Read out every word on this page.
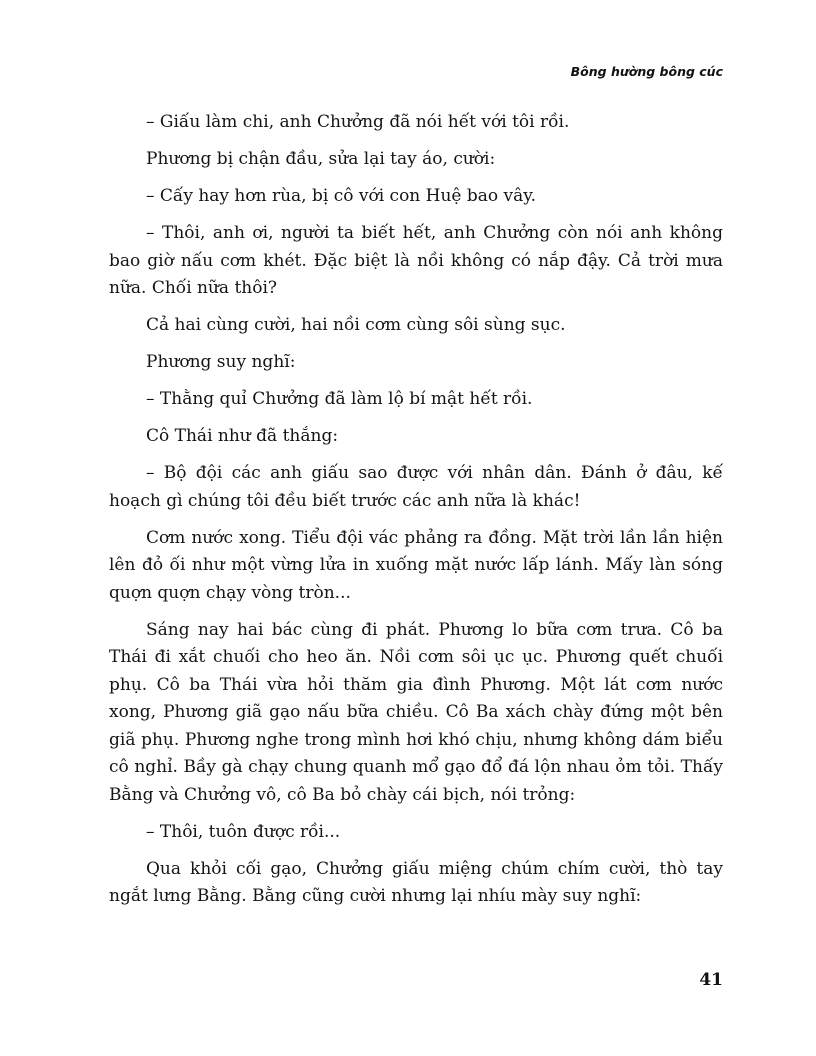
Bông hường bông cúc

– Giấu làm chi, anh Chưởng đã nói hết với tôi rồi.

Phương bị chận đầu, sửa lại tay áo, cười:

– Cấy hay hơn rùa, bị cô với con Huệ bao vây.

– Thôi, anh ơi, người ta biết hết, anh Chưởng còn nói anh không bao giờ nấu cơm khét. Đặc biệt là nồi không có nắp đậy. Cả trời mưa nữa. Chối nữa thôi?

Cả hai cùng cười, hai nồi cơm cùng sôi sùng sục.

Phương suy nghĩ:

– Thằng quỉ Chưởng đã làm lộ bí mật hết rồi.

Cô Thái như đã thắng:

– Bộ đội các anh giấu sao được với nhân dân. Đánh ở đâu, kế hoạch gì chúng tôi đều biết trước các anh nữa là khác!

Cơm nước xong. Tiểu đội vác phảng ra đồng. Mặt trời lần lần hiện lên đỏ ối như một vừng lửa in xuống mặt nước lấp lánh. Mấy làn sóng quợn quợn chạy vòng tròn...

Sáng nay hai bác cùng đi phát. Phương lo bữa cơm trưa. Cô ba Thái đi xắt chuối cho heo ăn. Nồi cơm sôi ục ục. Phương quết chuối phụ. Cô ba Thái vừa hỏi thăm gia đình Phương. Một lát cơm nước xong, Phương giã gạo nấu bữa chiều. Cô Ba xách chày đứng một bên giã phụ. Phương nghe trong mình hơi khó chịu, nhưng không dám biểu cô nghỉ. Bầy gà chạy chung quanh mổ gạo đổ đá lộn nhau ỏm tỏi. Thấy Bằng và Chưởng vô, cô Ba bỏ chày cái bịch, nói trỏng:

– Thôi, tuôn được rồi...

Qua khỏi cối gạo, Chưởng giấu miệng chúm chím cười, thò tay ngắt lưng Bằng. Bằng cũng cười nhưng lại nhíu mày suy nghĩ:

41
